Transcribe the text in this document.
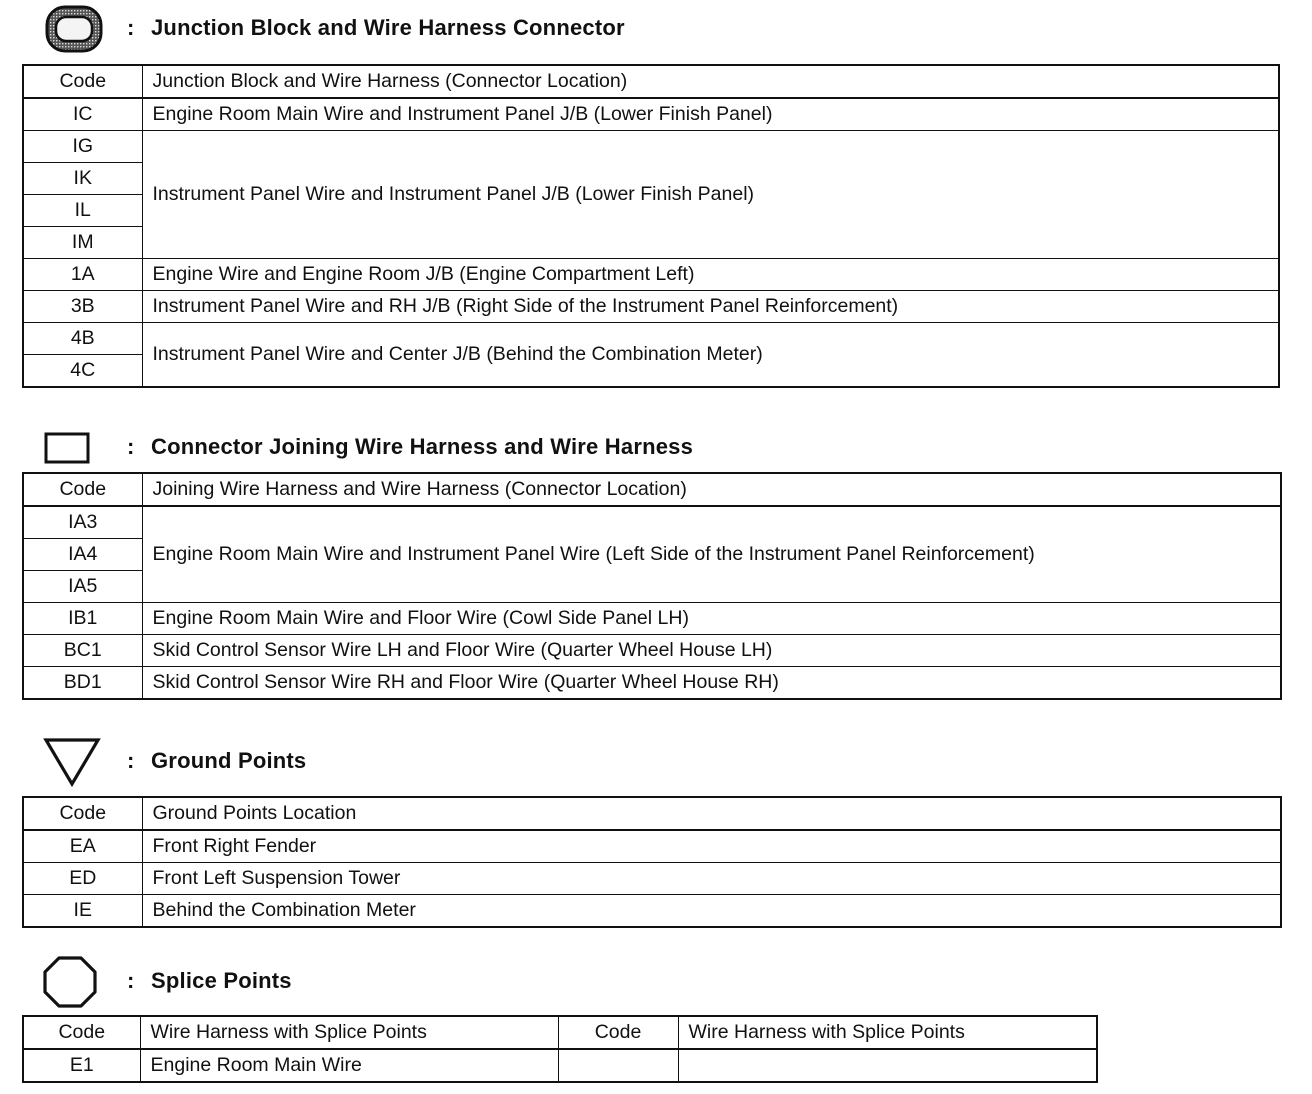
: Junction Block and Wire Harness Connector
Code	Junction Block and Wire Harness (Connector Location)
IC	Engine Room Main Wire and Instrument Panel J/B (Lower Finish Panel)
IG	Instrument Panel Wire and Instrument Panel J/B (Lower Finish Panel)
IK	
IL	
IM	
1A	Engine Wire and Engine Room J/B (Engine Compartment Left)
3B	Instrument Panel Wire and RH J/B (Right Side of the Instrument Panel Reinforcement)
4B	Instrument Panel Wire and Center J/B (Behind the Combination Meter)
4C	
: Connector Joining Wire Harness and Wire Harness
Code	Joining Wire Harness and Wire Harness (Connector Location)
IA3	Engine Room Main Wire and Instrument Panel Wire (Left Side of the Instrument Panel Reinforcement)
IA4	
IA5	
IB1	Engine Room Main Wire and Floor Wire (Cowl Side Panel LH)
BC1	Skid Control Sensor Wire LH and Floor Wire (Quarter Wheel House LH)
BD1	Skid Control Sensor Wire RH and Floor Wire (Quarter Wheel House RH)
: Ground Points
Code	Ground Points Location
EA	Front Right Fender
ED	Front Left Suspension Tower
IE	Behind the Combination Meter
: Splice Points
Code	Wire Harness with Splice Points	Code	Wire Harness with Splice Points
E1	Engine Room Main Wire		
